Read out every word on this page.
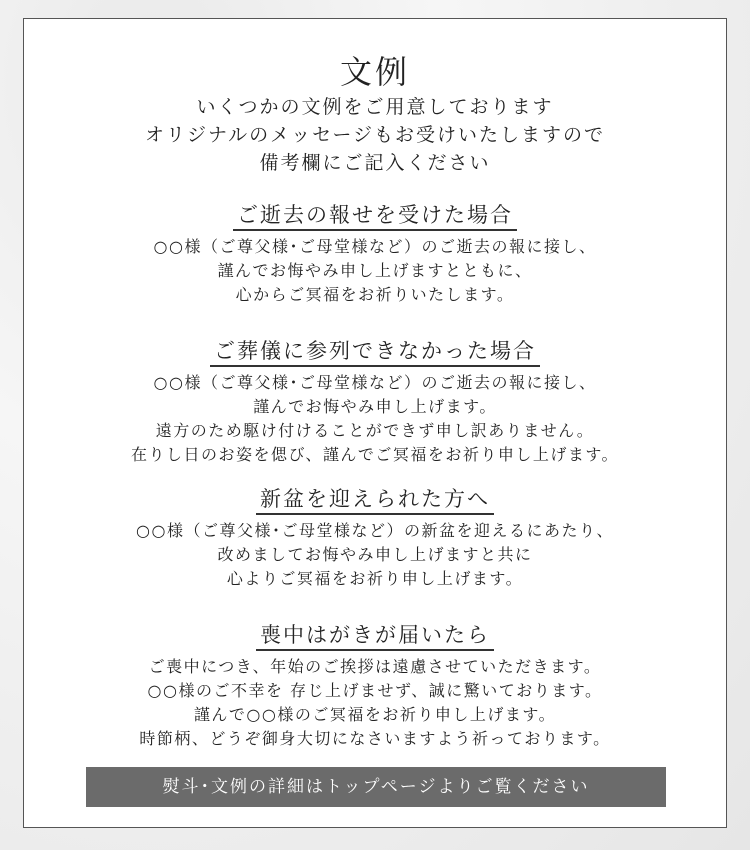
文例
いくつかの文例をご用意しております
オリジナルのメッセージもお受けいたしますので
備考欄にご記入ください
ご逝去の報せを受けた場合
○○様（ご尊父様･ご母堂様など）のご逝去の報に接し、
謹んでお悔やみ申し上げますとともに、
心からご冥福をお祈りいたします。
ご葬儀に参列できなかった場合
○○様（ご尊父様･ご母堂様など）のご逝去の報に接し、
謹んでお悔やみ申し上げます。
遠方のため駆け付けることができず申し訳ありません。
在りし日のお姿を偲び、謹んでご冥福をお祈り申し上げます。
新盆を迎えられた方へ
○○様（ご尊父様･ご母堂様など）の新盆を迎えるにあたり、
改めましてお悔やみ申し上げますと共に
心よりご冥福をお祈り申し上げます。
喪中はがきが届いたら
ご喪中につき、年始のご挨拶は遠慮させていただきます。
○○様のご不幸を 存じ上げませず、誠に驚いております。
謹んで○○様のご冥福をお祈り申し上げます。
時節柄、どうぞ御身大切になさいますよう祈っております。
熨斗･文例の詳細はトップページよりご覧ください
